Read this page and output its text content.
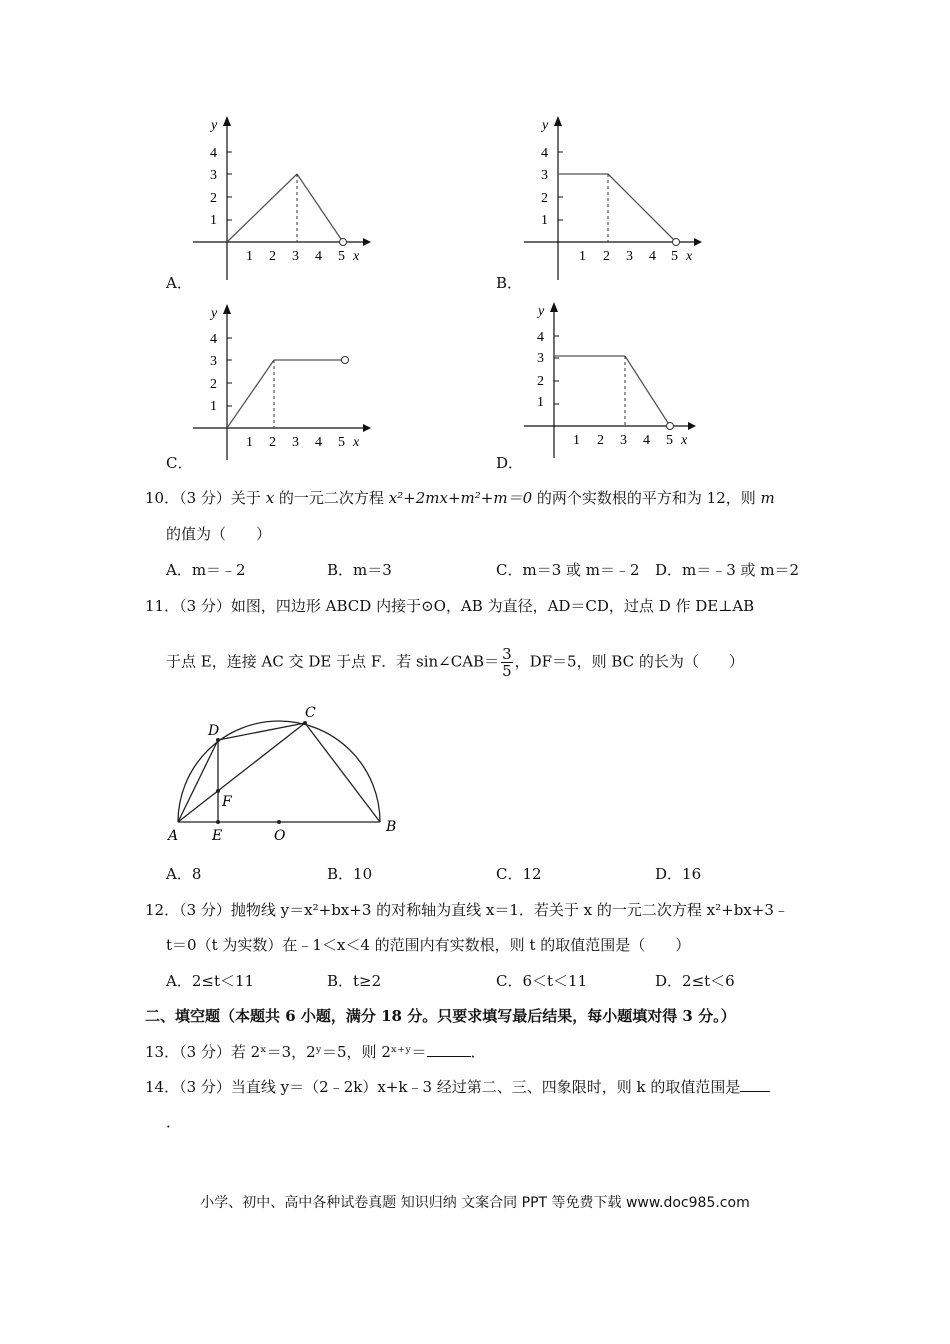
y
4
3
2
1
1 2 3 4 5 x
A．
y
4
3
2
1
1 2 3 4 5 x
B．
y
4
3
2
1
1 2 3 4 5 x
C．
y
4
3
2
1
1 2 3 4 5 x
D．
10．（3 分）关于 x 的一元二次方程 x²+2mx+m²+m＝0 的两个实数根的平方和为 12，则 m
的值为（　　）
A．m＝﹣2	B．m＝3	C．m＝3 或 m＝﹣2 D．m＝﹣3 或 m＝2
11．（3 分）如图，四边形 ABCD 内接于⊙O，AB 为直径，AD＝CD，过点 D 作 DE⊥AB
于点 E，连接 AC 交 DE 于点 F．若 sin∠CAB＝ $\frac{3}{5}$ ，DF＝5，则 BC 的长为（　　）
D
C
F
A E	O
B
A．8	B．10	C．12	D．16
12．（3 分）抛物线 y＝x²+bx+3 的对称轴为直线 x＝1．若关于 x 的一元二次方程 x²+bx+3﹣
t＝0（t 为实数）在﹣1＜x＜4 的范围内有实数根，则 t 的取值范围是（　　）
A．2≤t＜11	B．t≥2	C．6＜t＜11	D．2≤t＜6
二、填空题（本题共 6 小题，满分 18 分。只要求填写最后结果，每小题填对得 3 分。）
13．（3 分）若 2ˣ＝3，2ʸ＝5，则 2ˣ⁺ʸ＝	．
14．（3 分）当直线 y＝（2﹣2k）x+k﹣3 经过第二、三、四象限时，则 k 的取值范围是
．
小学、初中、高中各种试卷真题 知识归纳 文案合同 PPT 等免费下载 www.doc985.com
